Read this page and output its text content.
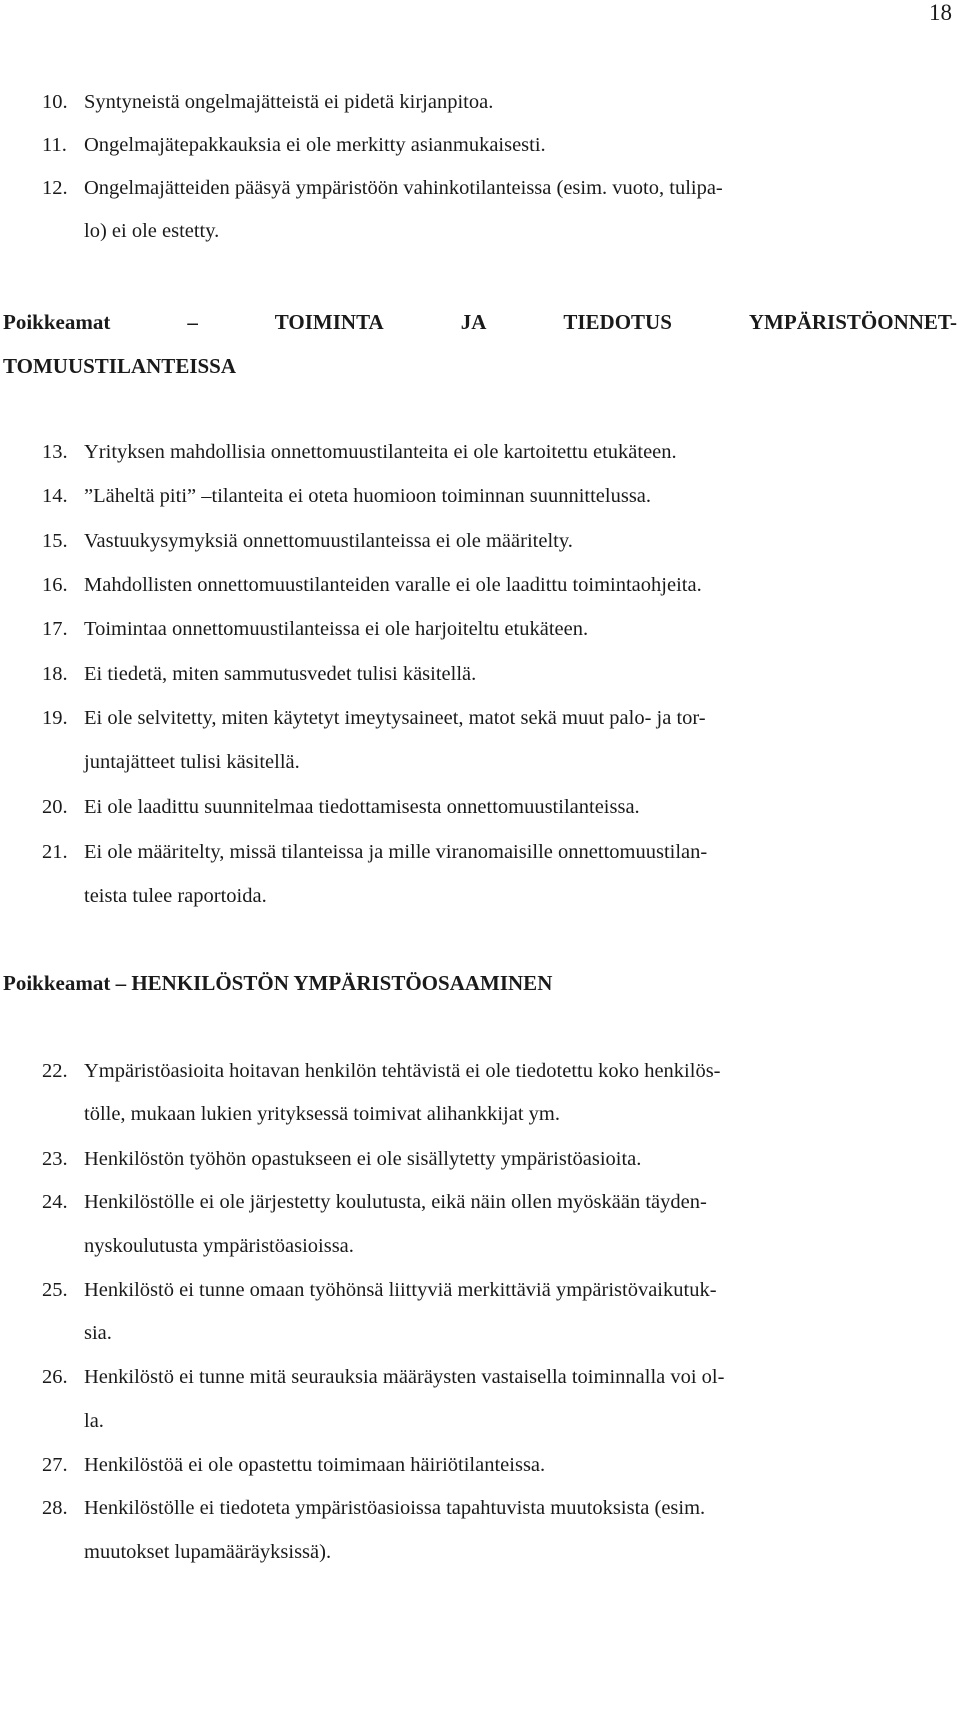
18
10. Syntyneistä ongelmajätteistä ei pidetä kirjanpitoa.
11. Ongelmajätepakkauksia ei ole merkitty asianmukaisesti.
12. Ongelmajätteiden pääsyä ympäristöön vahinkotilanteissa (esim. vuoto, tulipa-
lo) ei ole estetty.
Poikkeamat	–	TOIMINTA	JA	TIEDOTUS	YMPÄRISTÖONNET-
TOMUUSTILANTEISSA
13. Yrityksen mahdollisia onnettomuustilanteita ei ole kartoitettu etukäteen.
14. ”Läheltä piti” –tilanteita ei oteta huomioon toiminnan suunnittelussa.
15. Vastuukysymyksiä onnettomuustilanteissa ei ole määritelty.
16. Mahdollisten onnettomuustilanteiden varalle ei ole laadittu toimintaohjeita.
17. Toimintaa onnettomuustilanteissa ei ole harjoiteltu etukäteen.
18. Ei tiedetä, miten sammutusvedet tulisi käsitellä.
19. Ei ole selvitetty, miten käytetyt imeytysaineet, matot sekä muut palo- ja tor-
juntajätteet tulisi käsitellä.
20. Ei ole laadittu suunnitelmaa tiedottamisesta onnettomuustilanteissa.
21. Ei ole määritelty, missä tilanteissa ja mille viranomaisille onnettomuustilan-
teista tulee raportoida.
Poikkeamat – HENKILÖSTÖN YMPÄRISTÖOSAAMINEN
22. Ympäristöasioita hoitavan henkilön tehtävistä ei ole tiedotettu koko henkilös-
tölle, mukaan lukien yrityksessä toimivat alihankkijat ym.
23. Henkilöstön työhön opastukseen ei ole sisällytetty ympäristöasioita.
24. Henkilöstölle ei ole järjestetty koulutusta, eikä näin ollen myöskään täyden-
nyskoulutusta ympäristöasioissa.
25. Henkilöstö ei tunne omaan työhönsä liittyviä merkittäviä ympäristövaikutuk-
sia.
26. Henkilöstö ei tunne mitä seurauksia määräysten vastaisella toiminnalla voi ol-
la.
27. Henkilöstöä ei ole opastettu toimimaan häiriötilanteissa.
28. Henkilöstölle ei tiedoteta ympäristöasioissa tapahtuvista muutoksista (esim.
muutokset lupamääräyksissä).
